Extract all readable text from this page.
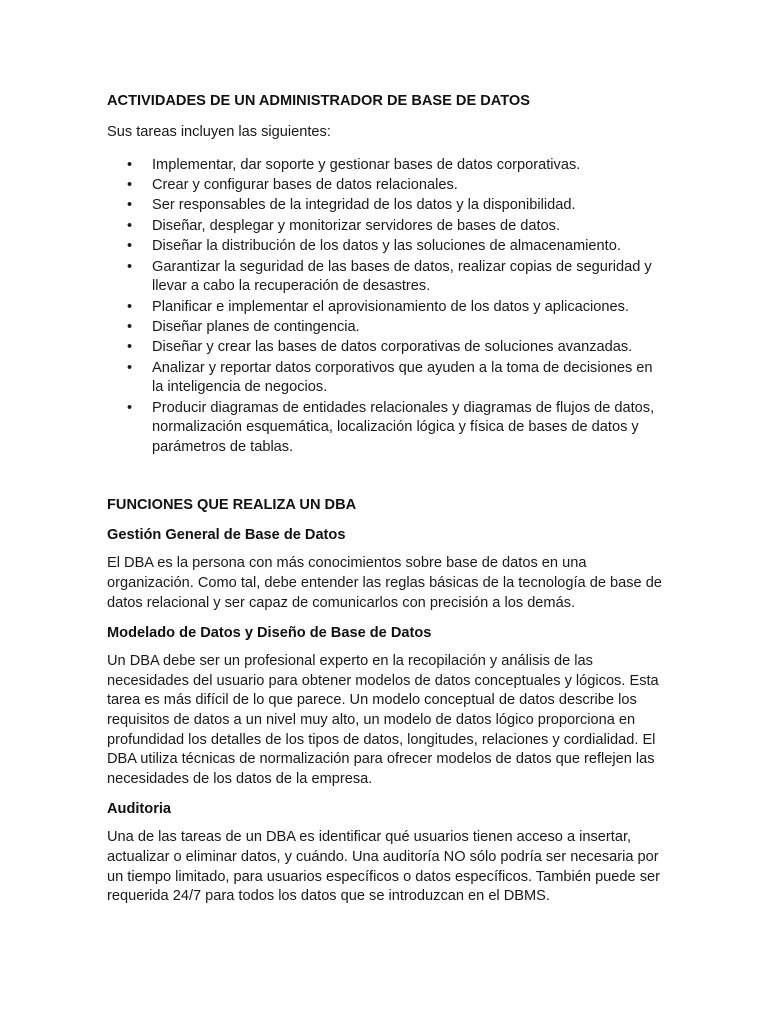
ACTIVIDADES DE UN ADMINISTRADOR DE BASE DE DATOS

Sus tareas incluyen las siguientes:

• Implementar, dar soporte y gestionar bases de datos corporativas.
• Crear y configurar bases de datos relacionales.
• Ser responsables de la integridad de los datos y la disponibilidad.
• Diseñar, desplegar y monitorizar servidores de bases de datos.
• Diseñar la distribución de los datos y las soluciones de almacenamiento.
• Garantizar la seguridad de las bases de datos, realizar copias de seguridad y llevar a cabo la recuperación de desastres.
• Planificar e implementar el aprovisionamiento de los datos y aplicaciones.
• Diseñar planes de contingencia.
• Diseñar y crear las bases de datos corporativas de soluciones avanzadas.
• Analizar y reportar datos corporativos que ayuden a la toma de decisiones en la inteligencia de negocios.
• Producir diagramas de entidades relacionales y diagramas de flujos de datos, normalización esquemática, localización lógica y física de bases de datos y parámetros de tablas.
FUNCIONES QUE REALIZA UN DBA
Gestión General de Base de Datos

El DBA es la persona con más conocimientos sobre base de datos en una organización. Como tal, debe entender las reglas básicas de la tecnología de base de datos relacional y ser capaz de comunicarlos con precisión a los demás.

Modelado de Datos y Diseño de Base de Datos

Un DBA debe ser un profesional experto en la recopilación y análisis de las necesidades del usuario para obtener modelos de datos conceptuales y lógicos. Esta tarea es más difícil de lo que parece. Un modelo conceptual de datos describe los requisitos de datos a un nivel muy alto, un modelo de datos lógico proporciona en profundidad los detalles de los tipos de datos, longitudes, relaciones y cordialidad. El DBA utiliza técnicas de normalización para ofrecer modelos de datos que reflejen las necesidades de los datos de la empresa.

Auditoria

Una de las tareas de un DBA es identificar qué usuarios tienen acceso a insertar, actualizar o eliminar datos, y cuándo. Una auditoría NO sólo podría ser necesaria por un tiempo limitado, para usuarios específicos o datos específicos. También puede ser requerida 24/7 para todos los datos que se introduzcan en el DBMS.
